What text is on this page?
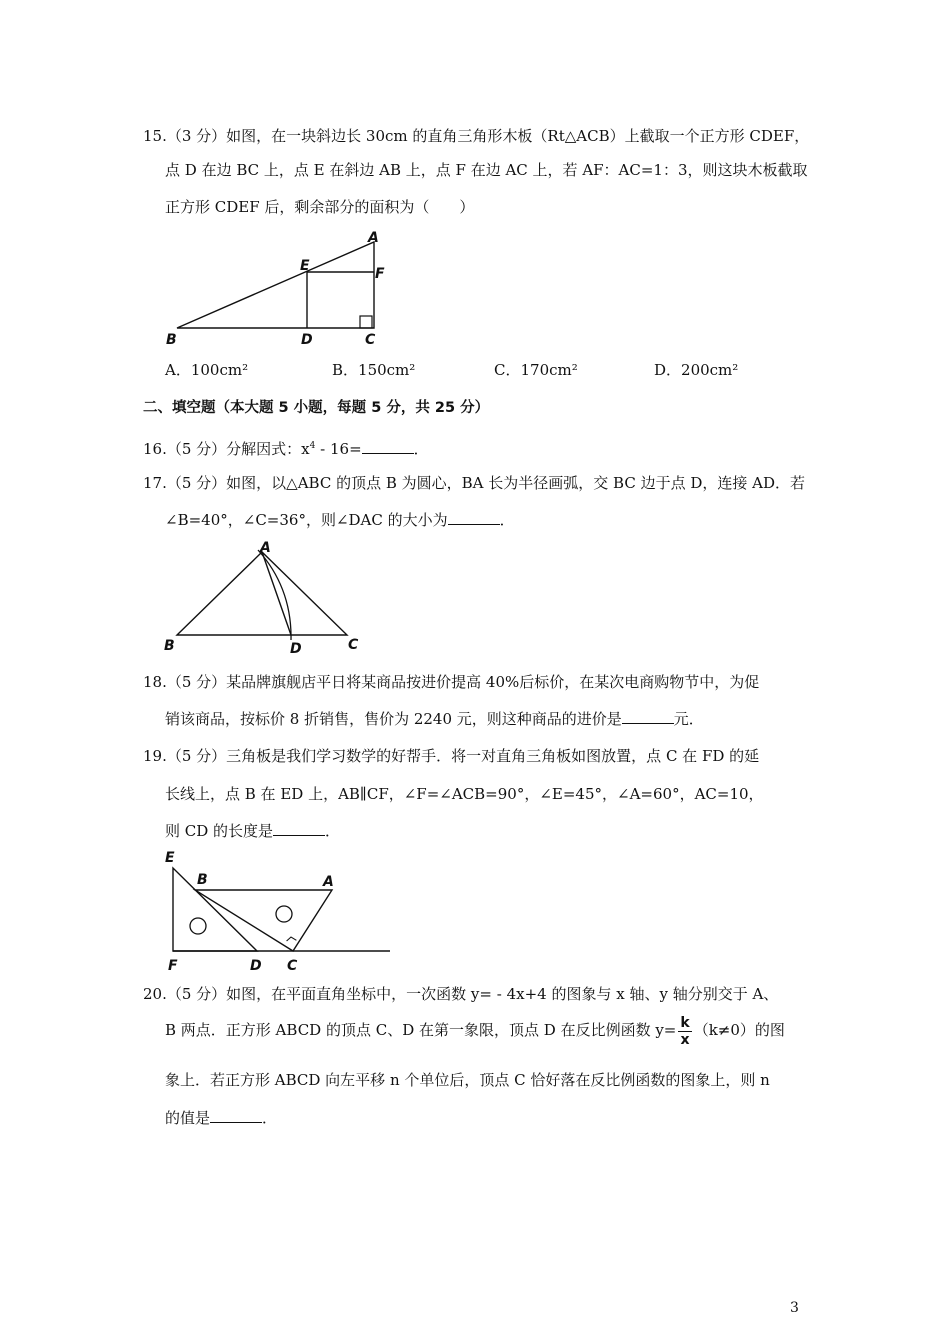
15.（3 分）如图，在一块斜边长 30cm 的直角三角形木板（Rt△ACB）上截取一个正方形 CDEF，
点 D 在边 BC 上，点 E 在斜边 AB 上，点 F 在边 AC 上，若 AF：AC=1：3，则这块木板截取
正方形 CDEF 后，剩余部分的面积为（　　）
A
E	F
B	D	C
A．100cm²	B．150cm²	C．170cm²	D．200cm²
二、填空题（本大题 5 小题，每题 5 分，共 25 分）
16.（5 分）分解因式：$x^4 - 16=$	．
17.（5 分）如图，以△ABC 的顶点 B 为圆心，BA 长为半径画弧，交 BC 边于点 D，连接 AD．若
∠B=40°，∠C=36°，则∠DAC 的大小为	．
A
B	D	C
18.（5 分）某品牌旗舰店平日将某商品按进价提高 40%后标价，在某次电商购物节中，为促
销该商品，按标价 8 折销售，售价为 2240 元，则这种商品的进价是	元．
19.（5 分）三角板是我们学习数学的好帮手．将一对直角三角板如图放置，点 C 在 FD 的延
长线上，点 B 在 ED 上，AB∥CF，∠F=∠ACB=90°，∠E=45°，∠A=60°，AC=10，
则 CD 的长度是	．
E
B	A
F	D C
20.（5 分）如图，在平面直角坐标中，一次函数 y= - 4x+4 的图象与 x 轴、y 轴分别交于 A、
B 两点．正方形 ABCD 的顶点 C、D 在第一象限，顶点 D 在反比例函数 $y= \frac{k}{x} (k\ne 0)$的图
象上．若正方形 ABCD 向左平移 n 个单位后，顶点 C 恰好落在反比例函数的图象上，则 n
的值是	．
3
